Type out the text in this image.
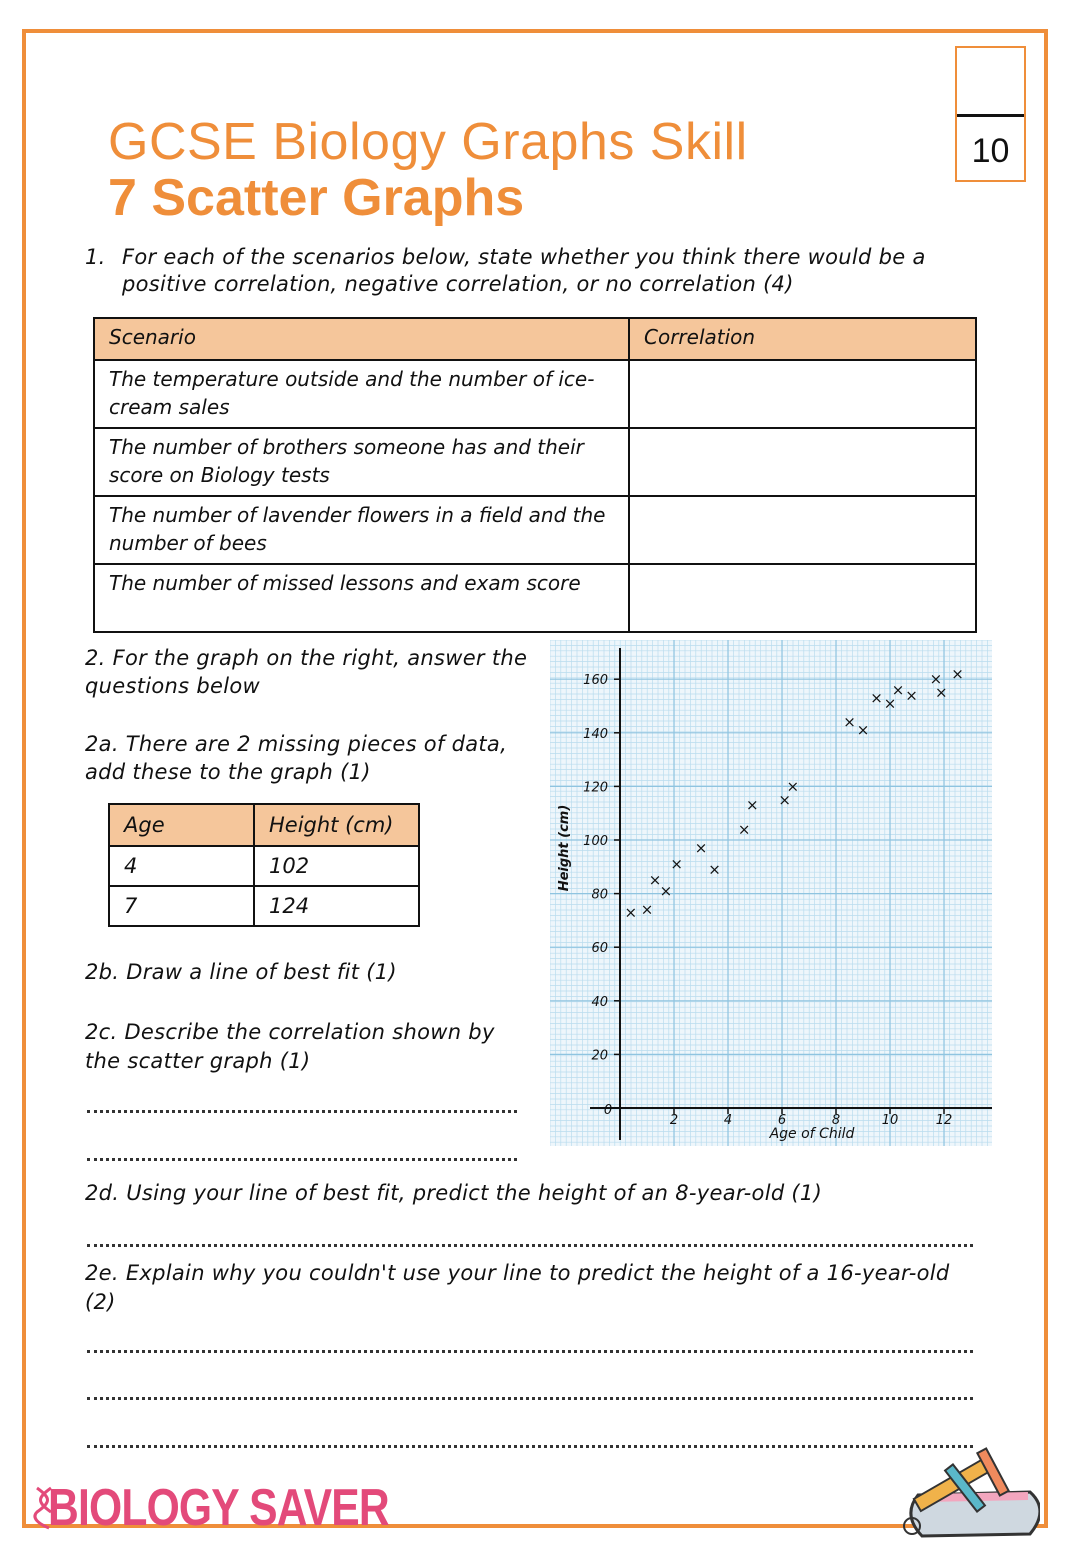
10
GCSE Biology Graphs Skill
7 Scatter Graphs
1. For each of the scenarios below, state whether you think there would be a positive correlation, negative correlation, or no correlation (4)
Scenario	Correlation
The temperature outside and the number of ice-cream sales	
The number of brothers someone has and their score on Biology tests	
The number of lavender flowers in a field and the number of bees	
The number of missed lessons and exam score	
2. For the graph on the right, answer the questions below
2a. There are 2 missing pieces of data, add these to the graph (1)
Age	Height (cm)
4	102
7	124
2b. Draw a line of best fit (1)
2c. Describe the correlation shown by the scatter graph (1)
2d. Using your line of best fit, predict the height of an 8-year-old (1)
2e. Explain why you couldn't use your line to predict the height of a 16-year-old (2)
20
40
60
80
100
120
140
160
2	4	6	8	10	12
0
× ×
×
×
×
×
×
×
× ×
×
× ×
× ×
× ×
×
×
×
Age of Child
Height (cm)
BIOLOGY SAVER
